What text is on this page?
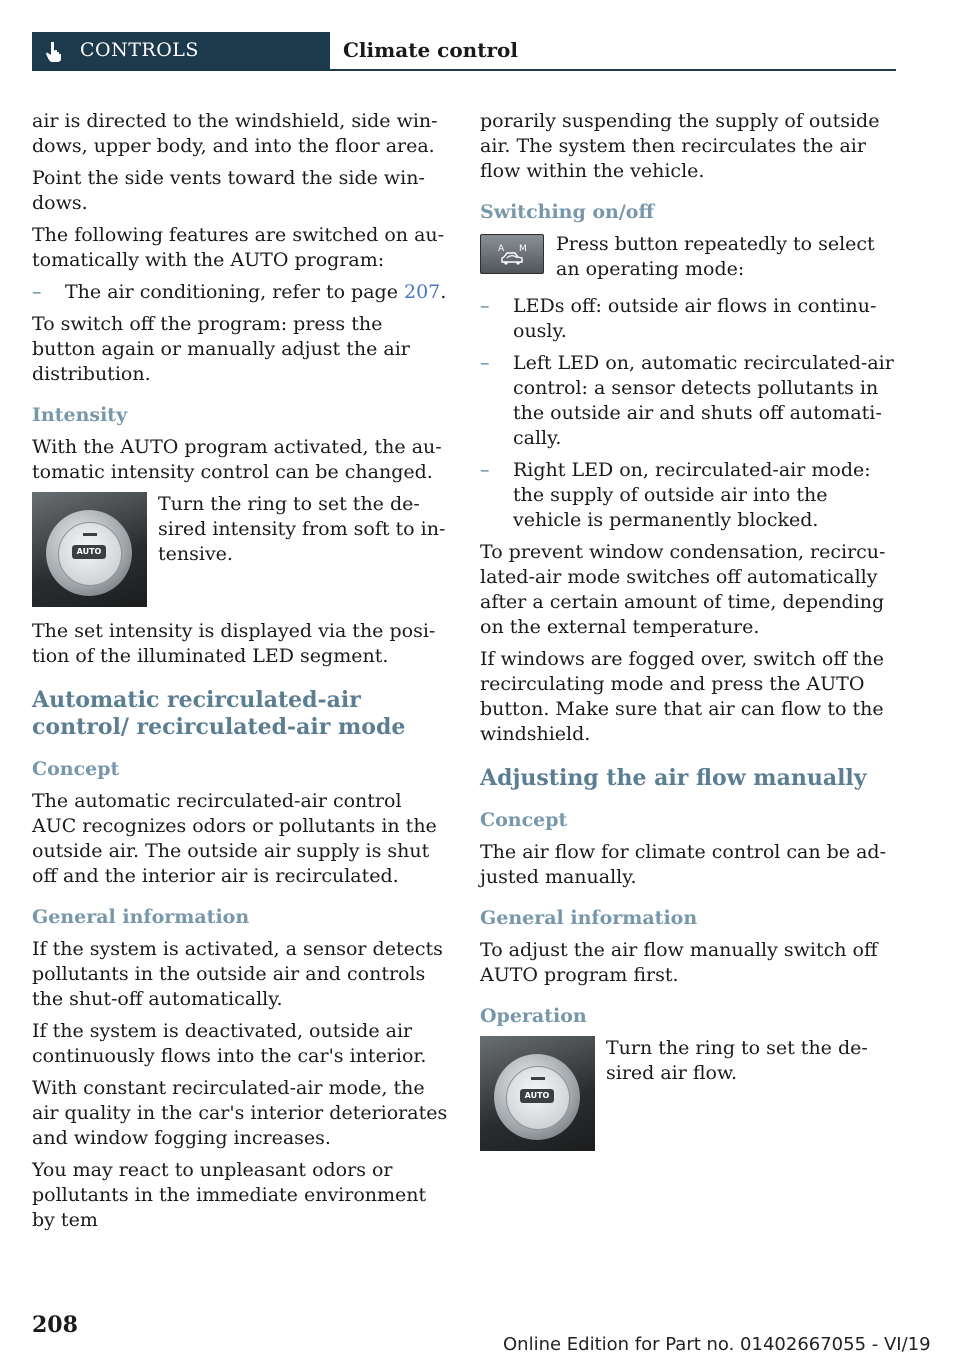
CONTROLS	Climate control

air is directed to the windshield, side windows, upper body, and into the floor area.

Point the side vents toward the side windows.

The following features are switched on automatically with the AUTO program:

–	The air conditioning, refer to page 207.

To switch off the program: press the button again or manually adjust the air distribution.

Intensity

With the AUTO program activated, the automatic intensity control can be changed.

AUTO
Turn the ring to set the desired intensity from soft to intensive.

The set intensity is displayed via the position of the illuminated LED segment.

Automatic recirculated-air control/ recirculated-air mode
Concept

The automatic recirculated-air control AUC recognizes odors or pollutants in the outside air. The outside air supply is shut off and the interior air is recirculated.

General information

If the system is activated, a sensor detects pollutants in the outside air and controls the shut-off automatically.

If the system is deactivated, outside air continuously flows into the car's interior.

With constant recirculated-air mode, the air quality in the car's interior deteriorates and window fogging increases.

You may react to unpleasant odors or pollutants in the immediate environment by tem

porarily suspending the supply of outside air. The system then recirculates the air flow within the vehicle.

Switching on/off
A M Press button repeatedly to select an operating mode:
–	LEDs off: outside air flows in continuously.
–	Left LED on, automatic recirculated-air control: a sensor detects pollutants in the outside air and shuts off automatically.
–	Right LED on, recirculated-air mode: the supply of outside air into the vehicle is permanently blocked.

To prevent window condensation, recirculated-air mode switches off automatically after a certain amount of time, depending on the external temperature.

If windows are fogged over, switch off the recirculating mode and press the AUTO button. Make sure that air can flow to the windshield.

Adjusting the air flow manually
Concept

The air flow for climate control can be adjusted manually.

General information

To adjust the air flow manually switch off AUTO program first.

Operation
AUTO
Turn the ring to set the desired air flow.
208
Online Edition for Part no. 01402667055 - VI/19
